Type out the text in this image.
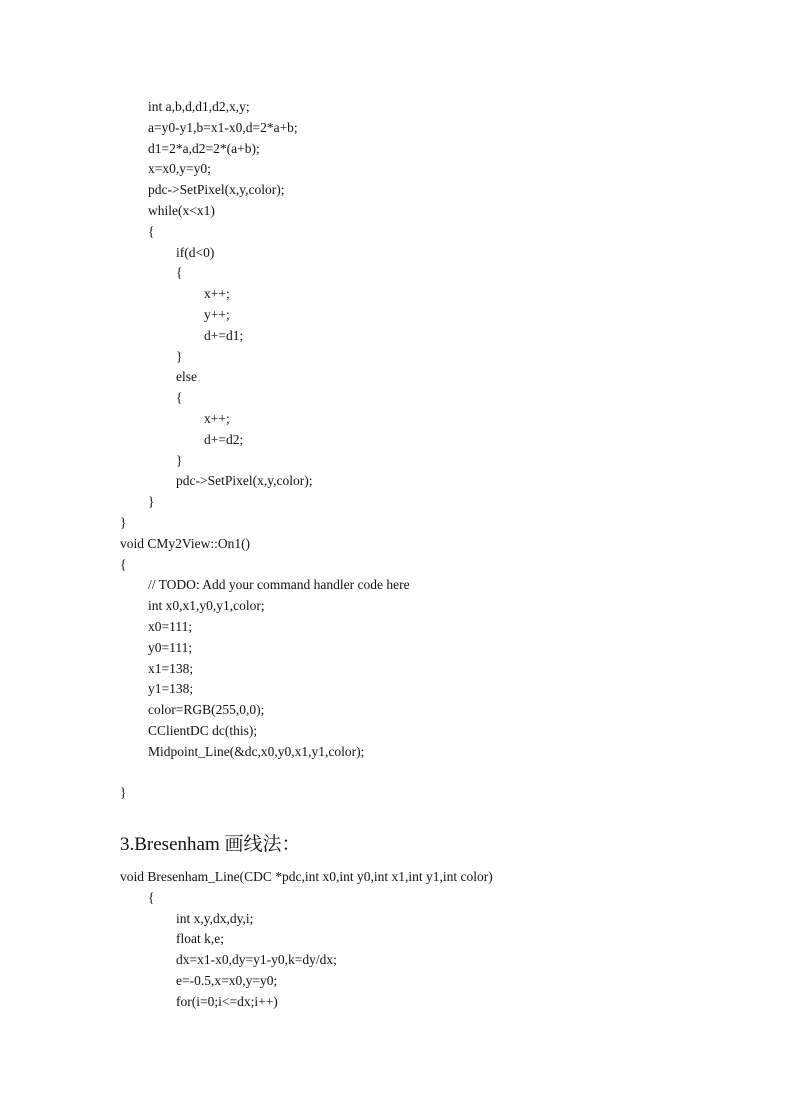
int a,b,d,d1,d2,x,y;
a=y0-y1,b=x1-x0,d=2*a+b;
d1=2*a,d2=2*(a+b);
x=x0,y=y0;
pdc->SetPixel(x,y,color);
while(x<x1)
{
if(d<0)
{
x++;
y++;
d+=d1;
}
else
{
x++;
d+=d2;
}
pdc->SetPixel(x,y,color);
}
}
void CMy2View::On1()
{
// TODO: Add your command handler code here
int x0,x1,y0,y1,color;
x0=111;
y0=111;
x1=138;
y1=138;
color=RGB(255,0,0);
CClientDC dc(this);
Midpoint_Line(&dc,x0,y0,x1,y1,color);
}
3.Bresenham 画线法：
void Bresenham_Line(CDC *pdc,int x0,int y0,int x1,int y1,int color)
{
int x,y,dx,dy,i;
float k,e;
dx=x1-x0,dy=y1-y0,k=dy/dx;
e=-0.5,x=x0,y=y0;
for(i=0;i<=dx;i++)
